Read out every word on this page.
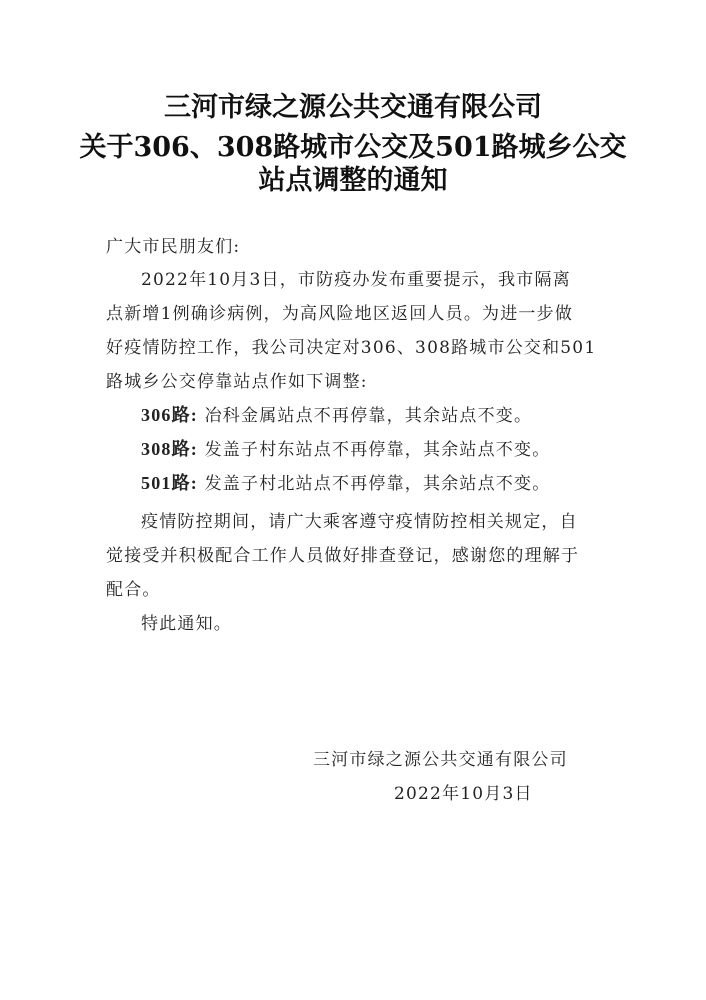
三河市绿之源公共交通有限公司
关于306、308路城市公交及501路城乡公交
站点调整的通知
广大市民朋友们:
2022年10月3日，市防疫办发布重要提示，我市隔离
点新增1例确诊病例，为高风险地区返回人员。为进一步做
好疫情防控工作，我公司决定对306、308路城市公交和501
路城乡公交停靠站点作如下调整:
306路: 冶科金属站点不再停靠，其余站点不变。
308路: 发盖子村东站点不再停靠，其余站点不变。
501路: 发盖子村北站点不再停靠，其余站点不变。
疫情防控期间，请广大乘客遵守疫情防控相关规定，自
觉接受并积极配合工作人员做好排查登记，感谢您的理解于
配合。
特此通知。
三河市绿之源公共交通有限公司
2022年10月3日
